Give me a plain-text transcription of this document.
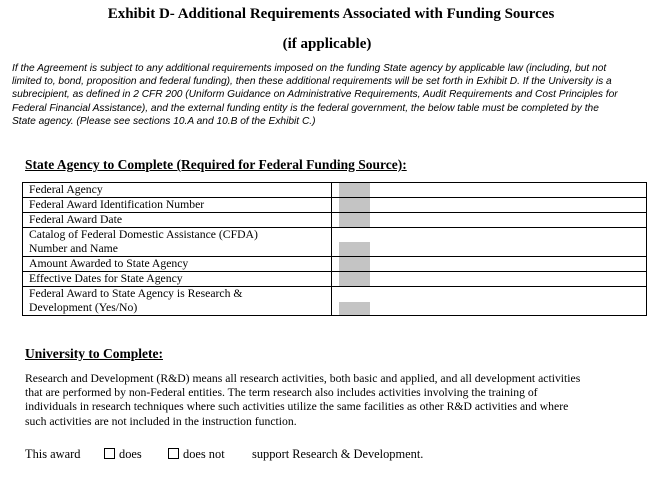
Exhibit D- Additional Requirements Associated with Funding Sources
(if applicable)
If the Agreement is subject to any additional requirements imposed on the funding State agency by applicable law (including, but not
limited to, bond, proposition and federal funding), then these additional requirements will be set forth in Exhibit D. If the University is a
subrecipient, as defined in 2 CFR 200 (Uniform Guidance on Administrative Requirements, Audit Requirements and Cost Principles for
Federal Financial Assistance), and the external funding entity is the federal government, the below table must be completed by the
State agency. (Please see sections 10.A and 10.B of the Exhibit C.)
State Agency to Complete (Required for Federal Funding Source):
Federal Agency	

Federal Award Identification Number	

Federal Award Date	

Catalog of Federal Domestic Assistance (CFDA)
Number and Name	

Amount Awarded to State Agency	

Effective Dates for State Agency	

Federal Award to State Agency is Research &
Development (Yes/No)	

University to Complete:
Research and Development (R&D) means all research activities, both basic and applied, and all development activities
that are performed by non-Federal entities. The term research also includes activities involving the training of
individuals in research techniques where such activities utilize the same facilities as other R&D activities and where
such activities are not included in the instruction function.
This award	does	does not support Research & Development.
